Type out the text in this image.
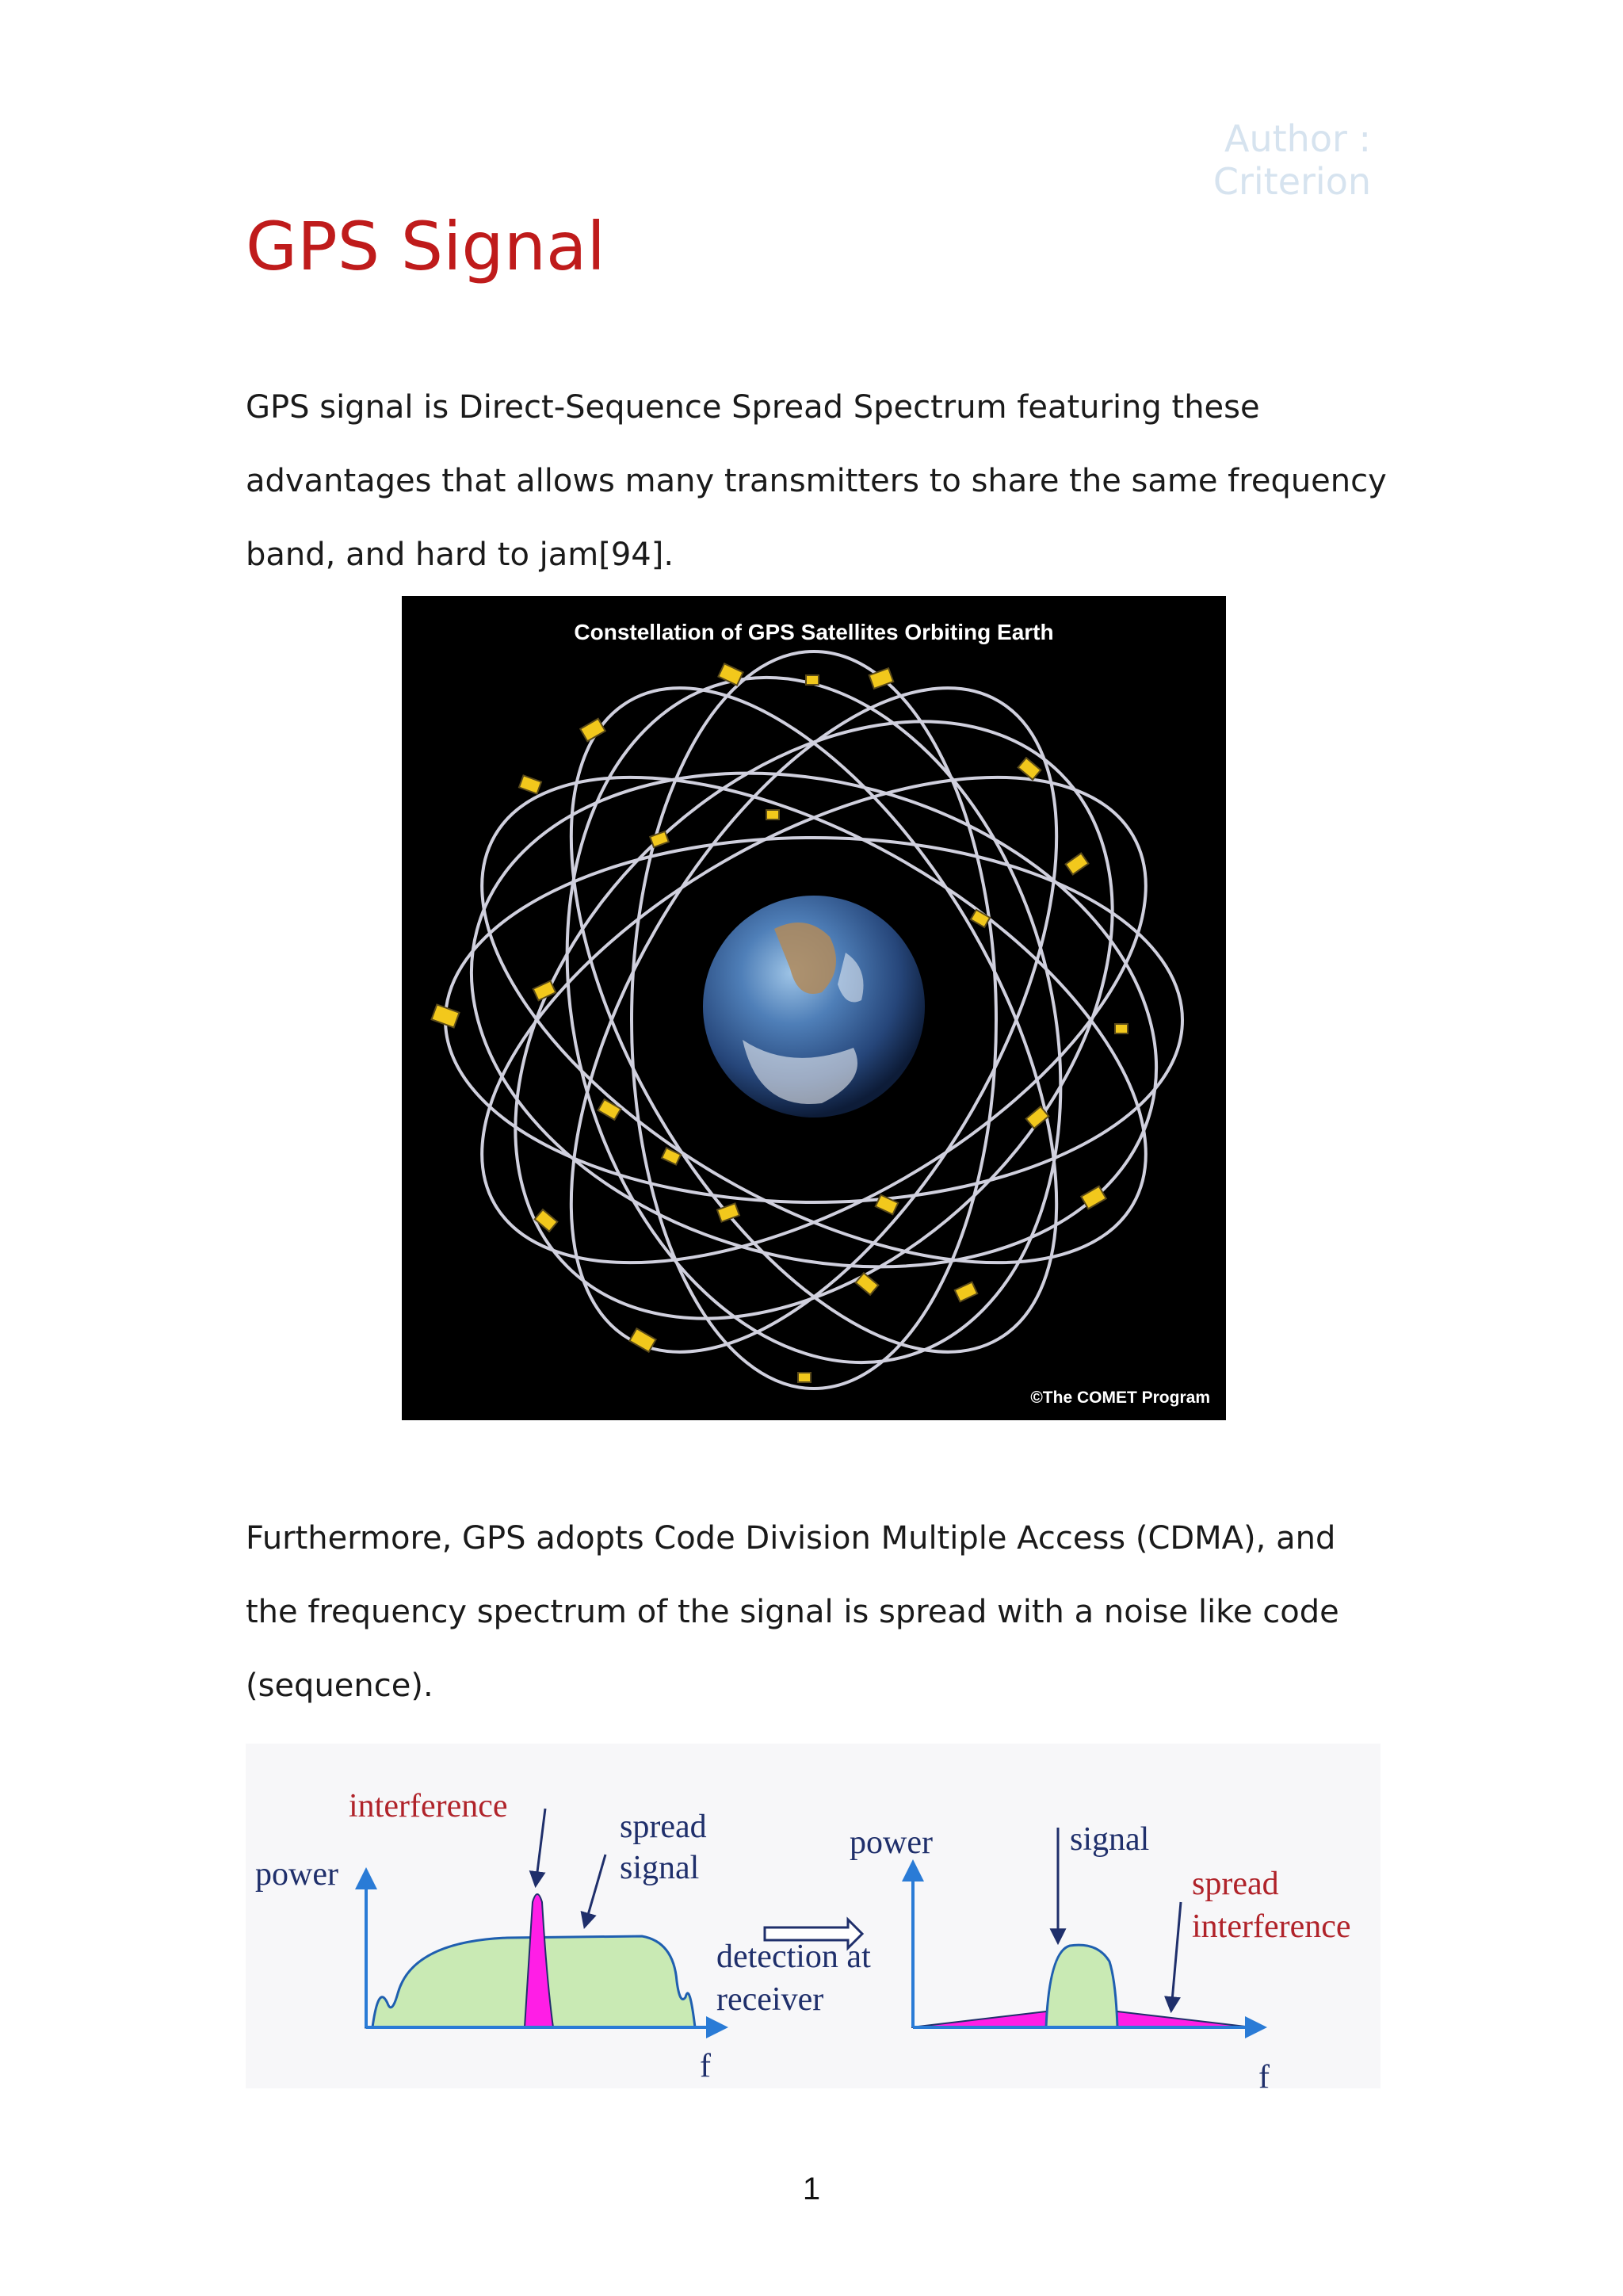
Author : Criterion
GPS Signal

GPS signal is Direct-Sequence Spread Spectrum featuring these advantages that allows many transmitters to share the same frequency band, and hard to jam[94].

Constellation of GPS Satellites Orbiting Earth
©The COMET Program

Furthermore, GPS adopts Code Division Multiple Access (CDMA), and the frequency spectrum of the signal is spread with a noise like code (sequence).

power
interference
spread
signal
f
detection at
receiver
power	signal
spread
interference
f
1
